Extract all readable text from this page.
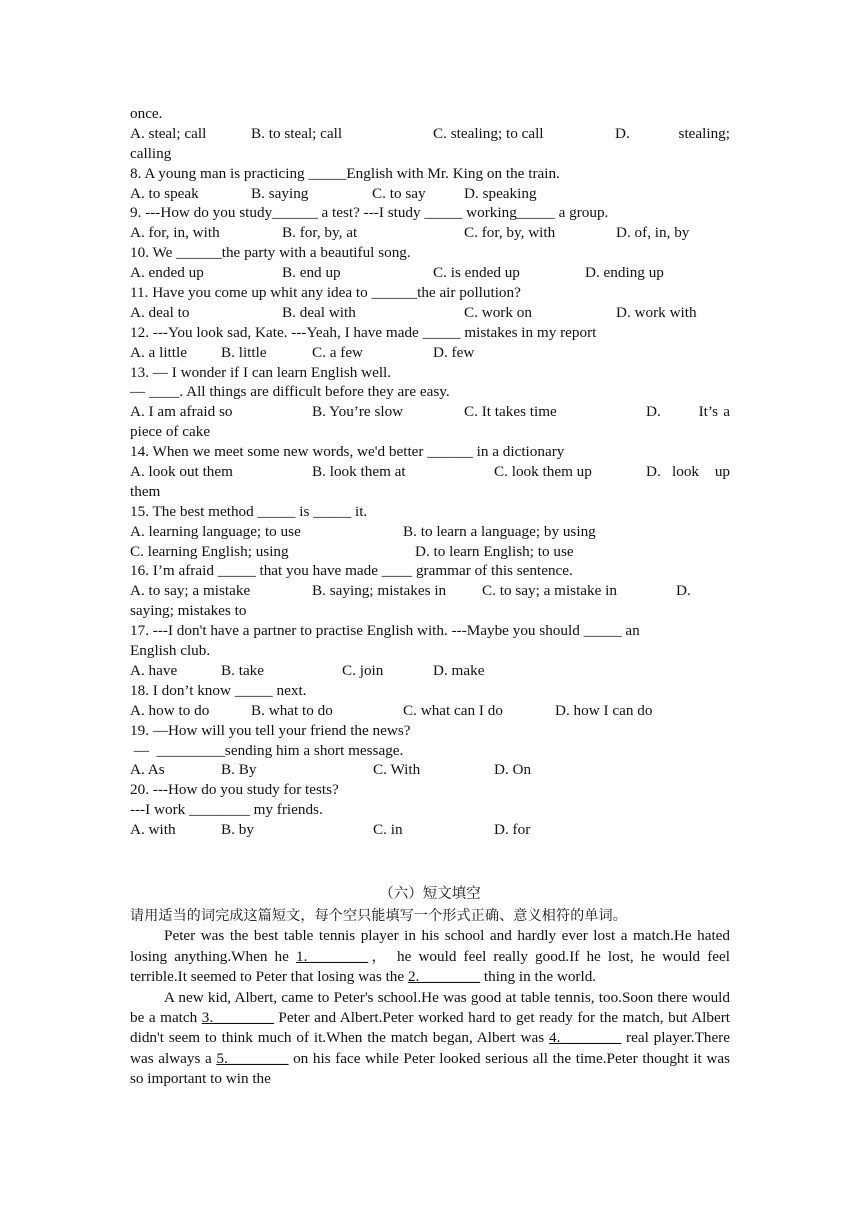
once.
A. steal; call	B. to steal; call	C. stealing; to call	D.	stealing;
calling
8. A young man is practicing _____English with Mr. King on the train.
A. to speak	B. saying	C. to say	D. speaking
9. ---How do you study______ a test? ---I study _____ working_____ a group.
A. for, in, with	B. for, by, at	C. for, by, with	D. of, in, by
10. We ______the party with a beautiful song.
A. ended up	B. end up	C. is ended up	D. ending up
11. Have you come up whit any idea to ______the air pollution?
A. deal to	B. deal with	C. work on	D. work with
12. ---You look sad, Kate. ---Yeah, I have made _____ mistakes in my report
A. a little	B. little	C. a few	D. few
13. — I wonder if I can learn English well.
— ____. All things are difficult before they are easy.
A. I am afraid so	B. You’re slow	C. It takes time	D.	It’s a
piece of cake
14. When we meet some new words, we'd better ______ in a dictionary
A. look out them	B. look them at	C. look them up	D. look	up
them
15. The best method _____ is _____ it.
A. learning language; to use	B. to learn a language; by using
C. learning English; using	D. to learn English; to use
16. I’m afraid _____ that you have made ____ grammar of this sentence.
A. to say; a mistake	B. saying; mistakes in	C. to say; a mistake in	D.
saying; mistakes to
17. ---I don't have a partner to practise English with. ---Maybe you should _____ an
English club.
A. have	B. take	C. join	D. make
18. I don’t know _____ next.
A. how to do	B. what to do	C. what can I do	D. how I can do
19. —How will you tell your friend the news?
—  _________sending him a short message.
A. As	B. By	C. With	D. On
20. ---How do you study for tests?
---I work ________ my friends.
A. with	B. by	C. in	D. for
（六）短文填空
请用适当的词完成这篇短文，每个空只能填写一个形式正确、意义相符的单词。

Peter was the best table tennis player in his school and hardly ever lost a match.He hated losing anything.When he 1.________， he would feel really good.If he lost, he would feel terrible.It seemed to Peter that losing was the 2.________ thing in the world.

A new kid, Albert, came to Peter's school.He was good at table tennis, too.Soon there would be a match 3.________ Peter and Albert.Peter worked hard to get ready for the match, but Albert didn't seem to think much of it.When the match began, Albert was 4.________ real player.There was always a 5.________ on his face while Peter looked serious all the time.Peter thought it was so important to win the
